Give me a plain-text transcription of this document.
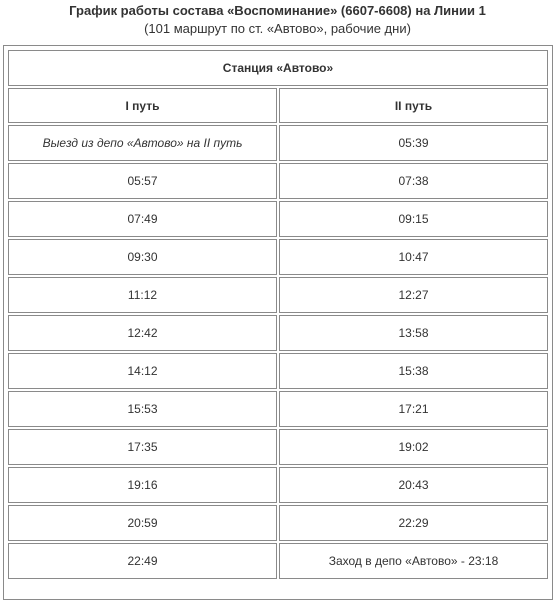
График работы состава «Воспоминание» (6607-6608) на Линии 1
(101 маршрут по ст. «Автово», рабочие дни)
Станция «Автово»	
I путь	II путь
Выезд из депо «Автово» на II путь	05:39
05:57	07:38
07:49	09:15
09:30	10:47
11:12	12:27
12:42	13:58
14:12	15:38
15:53	17:21
17:35	19:02
19:16	20:43
20:59	22:29
22:49	Заход в депо «Автово» - 23:18
